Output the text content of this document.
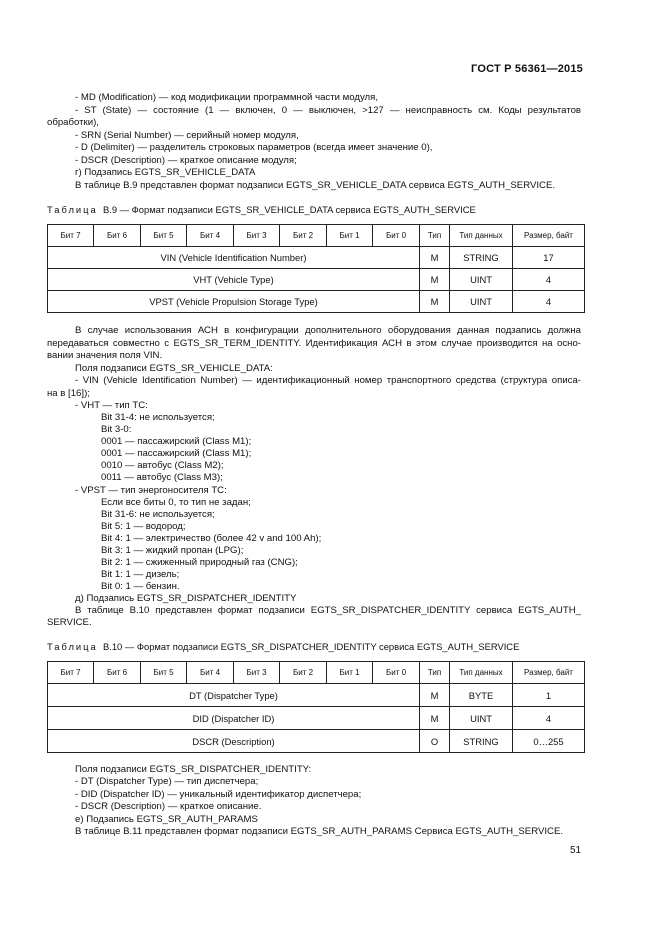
ГОСТ Р 56361—2015
- MD (Modification) — код модификации программной части модуля,
- ST (State) — состояние (1 — включен, 0 — выключен, >127 — неисправность см. Коды результатов
обработки),
- SRN (Serial Number) — серийный номер модуля,
- D (Delimiter) — разделитель строковых параметров (всегда имеет значение 0),
- DSCR (Description) — краткое описание модуля;
г) Подзапись EGTS_SR_VEHICLE_DATA
В таблице В.9 представлен формат подзаписи EGTS_SR_VEHICLE_DATA сервиса EGTS_AUTH_SERVICE.
Таблица В.9 — Формат подзаписи EGTS_SR_VEHICLE_DATA сервиса EGTS_AUTH_SERVICE
Бит 7	Бит 6	Бит 5	Бит 4	Бит 3	Бит 2	Бит 1	Бит 0	Тип	Тип данных	Размер, байт
VIN (Vehicle Identification Number)								M	STRING	17
VHT (Vehicle Type)								M	UINT	4
VPST (Vehicle Propulsion Storage Type)								M	UINT	4
В случае использования АСН в конфигурации дополнительного оборудования данная подзапись должна
передаваться совместно с EGTS_SR_TERM_IDENTITY. Идентификация АСН в этом случае производится на осно-
вании значения поля VIN.
Поля подзаписи EGTS_SR_VEHICLE_DATA:
- VIN (Vehicle Identification Number) — идентификационный номер транспортного средства (структура описа-
на в [16]);
- VHT — тип ТС:
Bit 31-4: не используется;
Bit 3-0:
0001 — пассажирский (Class M1);
0001 — пассажирский (Class M1);
0010 — автобус (Class M2);
0011 — автобус (Class M3);
- VPST — тип энергоносителя ТС:
Если все биты 0, то тип не задан;
Bit 31-6: не используется;
Bit 5: 1 — водород;
Bit 4: 1 — электричество (более 42 v and 100 Ah);
Bit 3: 1 — жидкий пропан (LPG);
Bit 2: 1 — сжиженный природный газ (CNG);
Bit 1: 1 — дизель;
Bit 0: 1 — бензин.
д) Подзапись EGTS_SR_DISPATCHER_IDENTITY
В таблице В.10 представлен формат подзаписи EGTS_SR_DISPATCHER_IDENTITY сервиса EGTS_AUTH_
SERVICE.
Таблица В.10 — Формат подзаписи EGTS_SR_DISPATCHER_IDENTITY сервиса EGTS_AUTH_SERVICE
Бит 7	Бит 6	Бит 5	Бит 4	Бит 3	Бит 2	Бит 1	Бит 0	Тип	Тип данных	Размер, байт
DT (Dispatcher Type)								M	BYTE	1
DID (Dispatcher ID)								M	UINT	4
DSCR (Description)								O	STRING	0…255
Поля подзаписи EGTS_SR_DISPATCHER_IDENTITY:
- DT (Dispatcher Type) — тип диспетчера;
- DID (Dispatcher ID) — уникальный идентификатор диспетчера;
- DSCR (Description) — краткое описание.
е) Подзапись EGTS_SR_AUTH_PARAMS
В таблице В.11 представлен формат подзаписи EGTS_SR_AUTH_PARAMS Сервиса EGTS_AUTH_SERVICE.
51
